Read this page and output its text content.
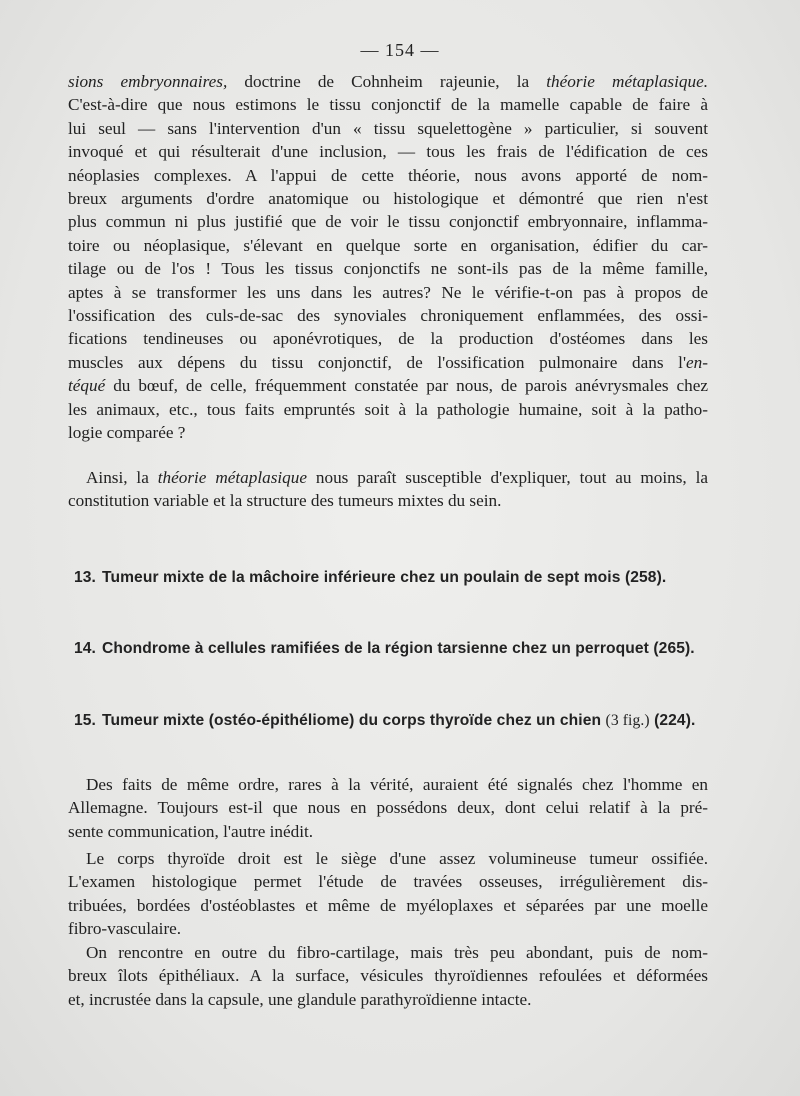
— 154 —
sions embryonnaires, doctrine de Cohnheim rajeunie, la théorie métaplasique.
C'est-à-dire que nous estimons le tissu conjonctif de la mamelle capable de faire à
lui seul — sans l'intervention d'un « tissu squelettogène » particulier, si souvent
invoqué et qui résulterait d'une inclusion, — tous les frais de l'édification de ces
néoplasies complexes. A l'appui de cette théorie, nous avons apporté de nom-
breux arguments d'ordre anatomique ou histologique et démontré que rien n'est
plus commun ni plus justifié que de voir le tissu conjonctif embryonnaire, inflamma-
toire ou néoplasique, s'élevant en quelque sorte en organisation, édifier du car-
tilage ou de l'os ! Tous les tissus conjonctifs ne sont-ils pas de la même famille,
aptes à se transformer les uns dans les autres? Ne le vérifie-t-on pas à propos de
l'ossification des culs-de-sac des synoviales chroniquement enflammées, des ossi-
fications tendineuses ou aponévrotiques, de la production d'ostéomes dans les
muscles aux dépens du tissu conjonctif, de l'ossification pulmonaire dans l'en-
téqué du bœuf, de celle, fréquemment constatée par nous, de parois anévrysmales chez
les animaux, etc., tous faits empruntés soit à la pathologie humaine, soit à la patho-
logie comparée ?
Ainsi, la théorie métaplasique nous paraît susceptible d'expliquer, tout au moins, la
constitution variable et la structure des tumeurs mixtes du sein.
13. Tumeur mixte de la mâchoire inférieure chez un poulain de sept mois (258).
14. Chondrome à cellules ramifiées de la région tarsienne chez un perroquet (265).
15. Tumeur mixte (ostéo-épithéliome) du corps thyroïde chez un chien (3 fig.) (224).
Des faits de même ordre, rares à la vérité, auraient été signalés chez l'homme en
Allemagne. Toujours est-il que nous en possédons deux, dont celui relatif à la pré-
sente communication, l'autre inédit.
Le corps thyroïde droit est le siège d'une assez volumineuse tumeur ossifiée.
L'examen histologique permet l'étude de travées osseuses, irrégulièrement dis-
tribuées, bordées d'ostéoblastes et même de myéloplaxes et séparées par une moelle
fibro-vasculaire.
On rencontre en outre du fibro-cartilage, mais très peu abondant, puis de nom-
breux îlots épithéliaux. A la surface, vésicules thyroïdiennes refoulées et déformées
et, incrustée dans la capsule, une glandule parathyroïdienne intacte.
